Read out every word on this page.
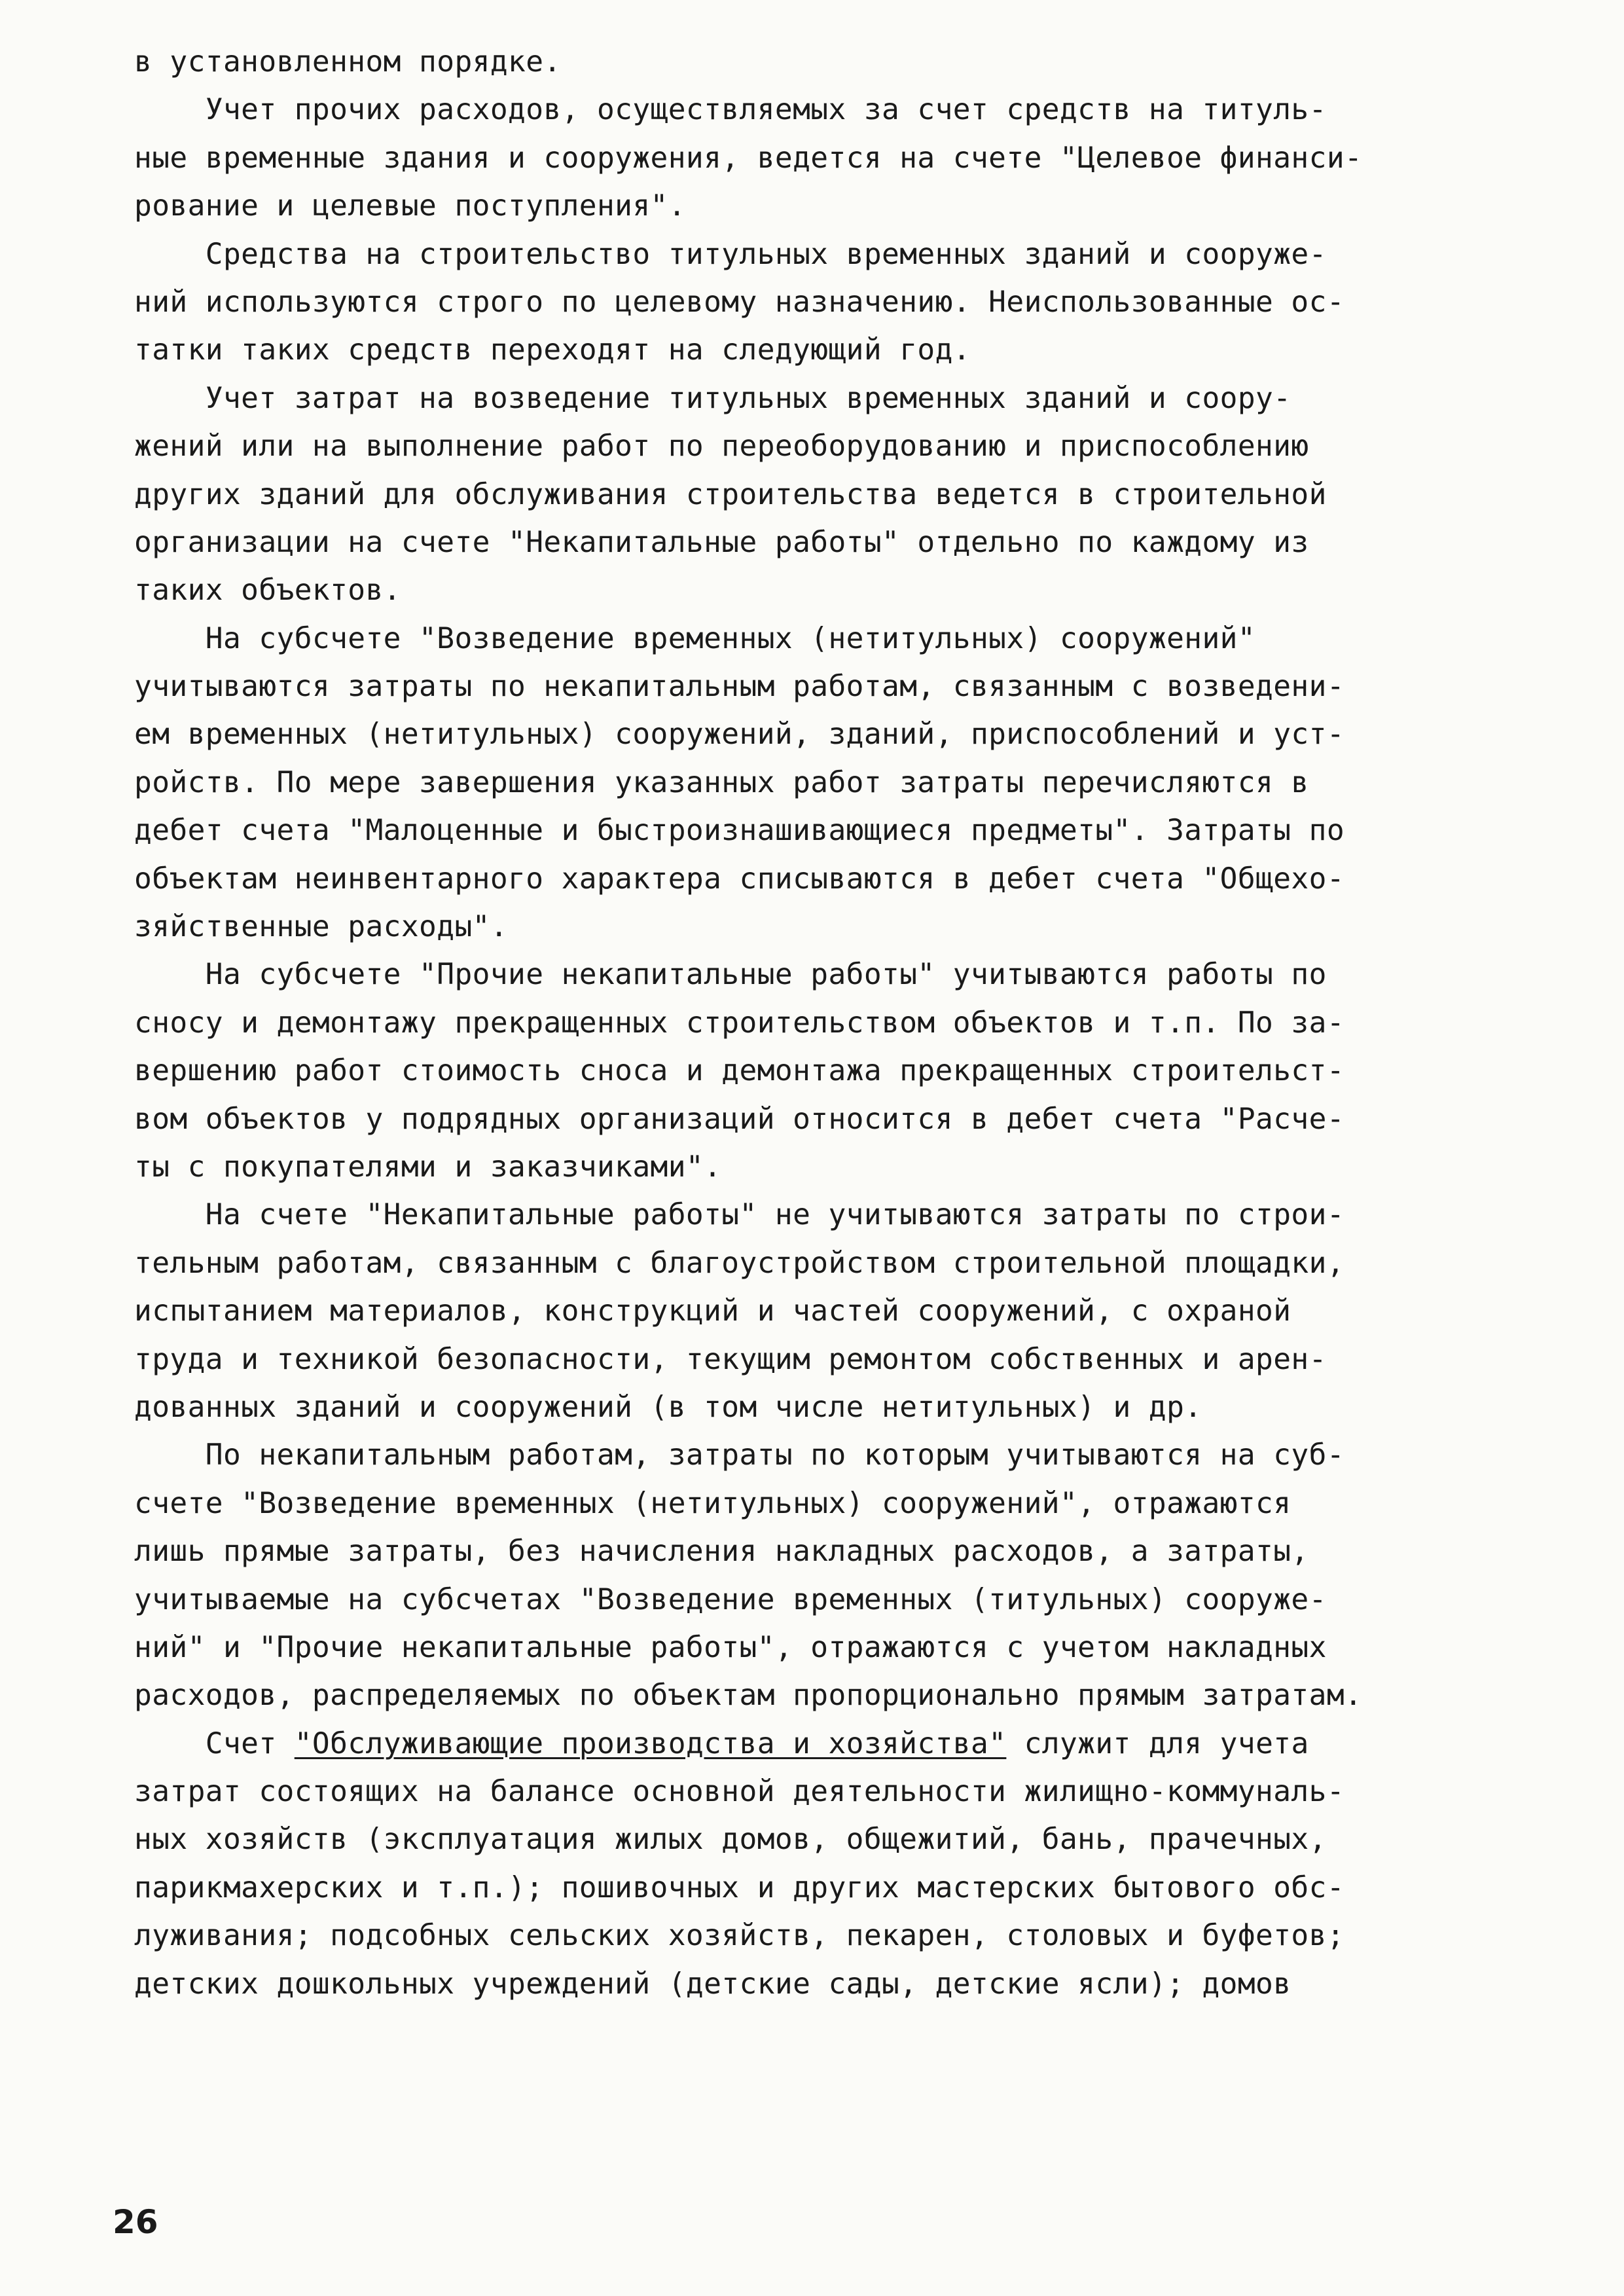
в установленном порядке.
Учет прочих расходов, осуществляемых за счет средств на титуль-
ные временные здания и сооружения, ведется на счете "Целевое финанси-
рование и целевые поступления".
Средства на строительство титульных временных зданий и сооруже-
ний используются строго по целевому назначению. Неиспользованные ос-
татки таких средств переходят на следующий год.
Учет затрат на возведение титульных временных зданий и соору-
жений или на выполнение работ по переоборудованию и приспособлению
других зданий для обслуживания строительства ведется в строительной
организации на счете "Некапитальные работы" отдельно по каждому из
таких объектов.
На субсчете "Возведение временных (нетитульных) сооружений"
учитываются затраты по некапитальным работам, связанным с возведени-
ем временных (нетитульных) сооружений, зданий, приспособлений и уст-
ройств. По мере завершения указанных работ затраты перечисляются в
дебет счета "Малоценные и быстроизнашивающиеся предметы". Затраты по
объектам неинвентарного характера списываются в дебет счета "Общехо-
зяйственные расходы".
На субсчете "Прочие некапитальные работы" учитываются работы по
сносу и демонтажу прекращенных строительством объектов и т.п. По за-
вершению работ стоимость сноса и демонтажа прекращенных строительст-
вом объектов у подрядных организаций относится в дебет счета "Расче-
ты с покупателями и заказчиками".
На счете "Некапитальные работы" не учитываются затраты по строи-
тельным работам, связанным с благоустройством строительной площадки,
испытанием материалов, конструкций и частей сооружений, с охраной
труда и техникой безопасности, текущим ремонтом собственных и арен-
дованных зданий и сооружений (в том числе нетитульных) и др.
По некапитальным работам, затраты по которым учитываются на суб-
счете "Возведение временных (нетитульных) сооружений", отражаются
лишь прямые затраты, без начисления накладных расходов, а затраты,
учитываемые на субсчетах "Возведение временных (титульных) сооруже-
ний" и "Прочие некапитальные работы", отражаются с учетом накладных
расходов, распределяемых по объектам пропорционально прямым затратам.
Счет "Обслуживающие производства и хозяйства" служит для учета
затрат состоящих на балансе основной деятельности жилищно-коммуналь-
ных хозяйств (эксплуатация жилых домов, общежитий, бань, прачечных,
парикмахерских и т.п.); пошивочных и других мастерских бытового обс-
луживания; подсобных сельских хозяйств, пекарен, столовых и буфетов;
детских дошкольных учреждений (детские сады, детские ясли); домов
26
